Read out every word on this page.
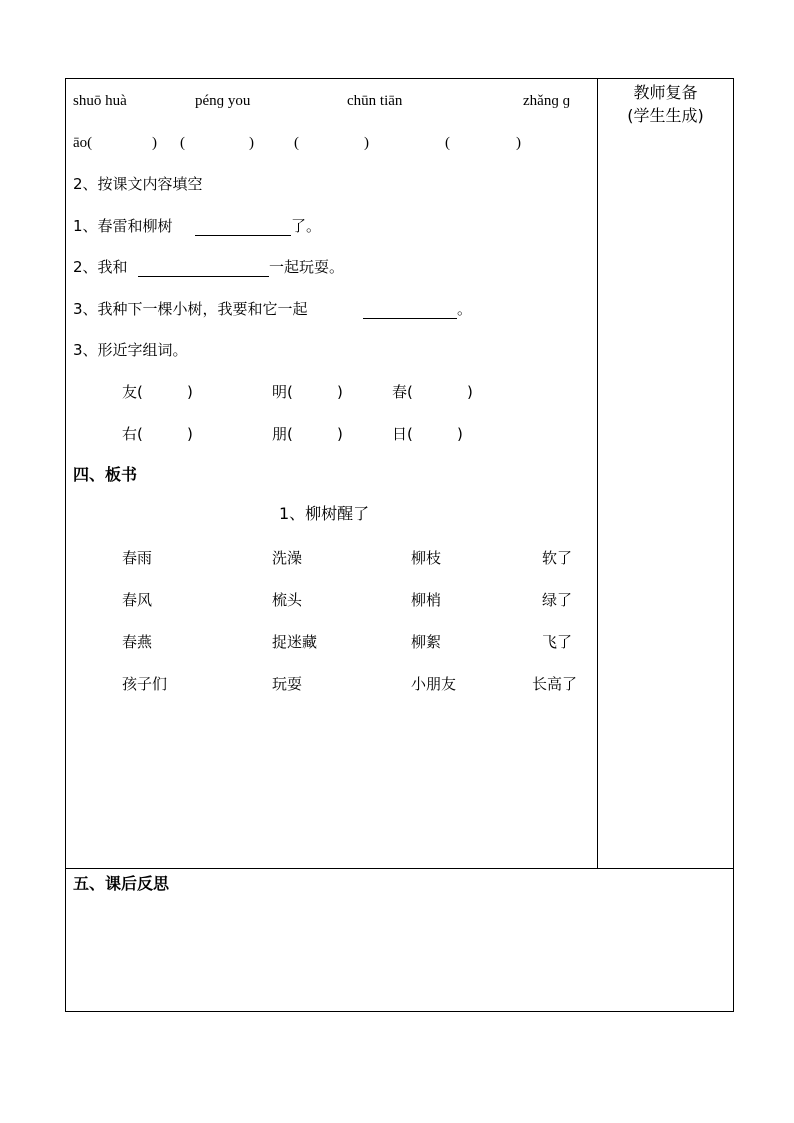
教师复备
(学生生成)
shuō huà	pénɡ you	chūn tiān	zhǎnɡ ɡ
āo(	) (	)	(	)	(	)
2、按课文内容填空
1、春雷和柳树	了。
2、我和	一起玩耍。
3、我种下一棵小树，我要和它一起	。
3、形近字组词。
友(	)	明(	)	春(	)
右(	)	朋(	)	日(	)
四、板书
1、柳树醒了
春雨	洗澡	柳枝	软了
春风	梳头	柳梢	绿了
春燕	捉迷藏	柳絮	飞了
孩子们	玩耍	小朋友	长高了
五、课后反思
